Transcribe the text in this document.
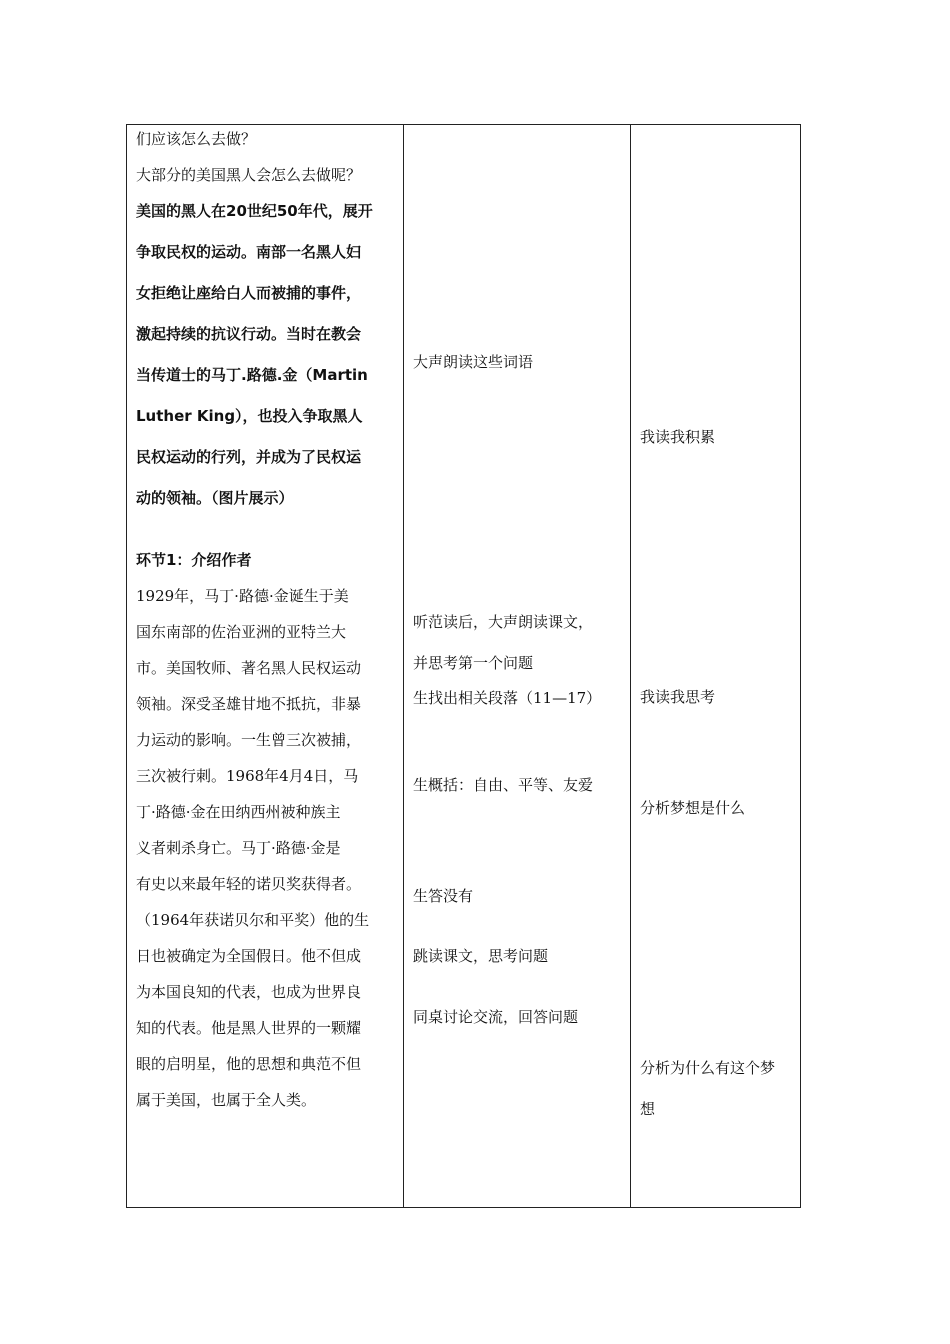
们应该怎么去做？
大部分的美国黑人会怎么去做呢？
美国的黑人在20世纪50年代，展开
争取民权的运动。南部一名黑人妇
女拒绝让座给白人而被捕的事件，
激起持续的抗议行动。当时在教会
当传道士的马丁.路德.金（Martin
Luther King），也投入争取黑人
民权运动的行列，并成为了民权运
动的领袖。（图片展示）
环节1：介绍作者
1929年，马丁·路德·金诞生于美
国东南部的佐治亚洲的亚特兰大
市。美国牧师、著名黑人民权运动
领袖。深受圣雄甘地不抵抗，非暴
力运动的影响。一生曾三次被捕，
三次被行刺。1968年4月4日，马
丁·路德·金在田纳西州被种族主
义者刺杀身亡。马丁·路德·金是
有史以来最年轻的诺贝奖获得者。
（1964年获诺贝尔和平奖）他的生
日也被确定为全国假日。他不但成
为本国良知的代表，也成为世界良
知的代表。他是黑人世界的一颗耀
眼的启明星，他的思想和典范不但
属于美国，也属于全人类。
大声朗读这些词语
听范读后，大声朗读课文，
并思考第一个问题
生找出相关段落（11—17）
生概括：自由、平等、友爱
生答没有
跳读课文，思考问题
同桌讨论交流，回答问题
我读我积累
我读我思考
分析梦想是什么
分析为什么有这个梦
想
